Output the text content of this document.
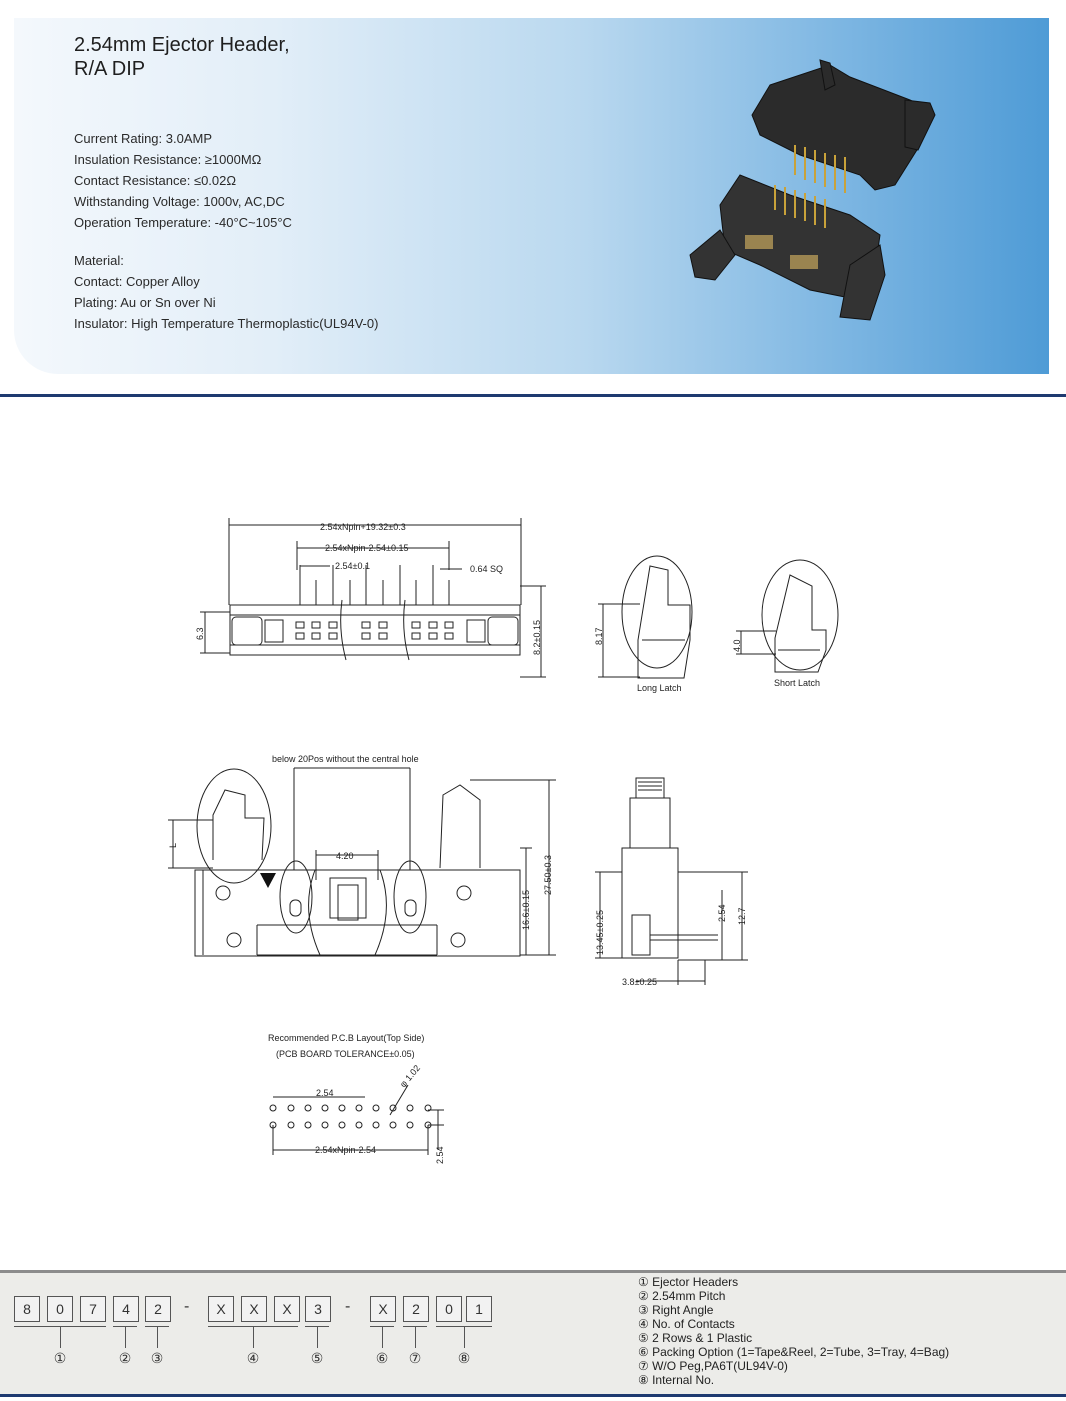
2.54mm Ejector Header,
R/A DIP
Current Rating: 3.0AMP
Insulation Resistance: ≥1000MΩ
Contact Resistance: ≤0.02Ω
Withstanding Voltage: 1000v, AC,DC
Operation Temperature: -40°C~105°C
Material:
Contact: Copper Alloy
Plating: Au or Sn over Ni
Insulator: High Temperature Thermoplastic(UL94V-0)
2.54xNpin+19.32±0.3
2.54xNpin-2.54±0.15
2.54±0.1	0.64 SQ
6.3	8.2±0.15	8.17
Long Latch
4.0
Short Latch
below 20Pos without the central hole
4.20
16.6±0.15
27.50±0.3
L
13.45±0.25	2.54 12.7
3.8±0.25
Recommended P.C.B Layout(Top Side)
(PCB BOARD TOLERANCE±0.05)
2.54
φ 1.02
2.54xNpin-2.54	2.54
8	0	7	4	2	-	X	X	X	3	-	X	2	0	1
①	② ③	④	⑤	⑥ ⑦	⑧
① Ejector Headers
② 2.54mm Pitch
③ Right Angle
④ No. of Contacts
⑤ 2 Rows & 1 Plastic
⑥ Packing Option (1=Tape&Reel, 2=Tube, 3=Tray, 4=Bag)
⑦ W/O Peg,PA6T(UL94V-0)
⑧ Internal No.
